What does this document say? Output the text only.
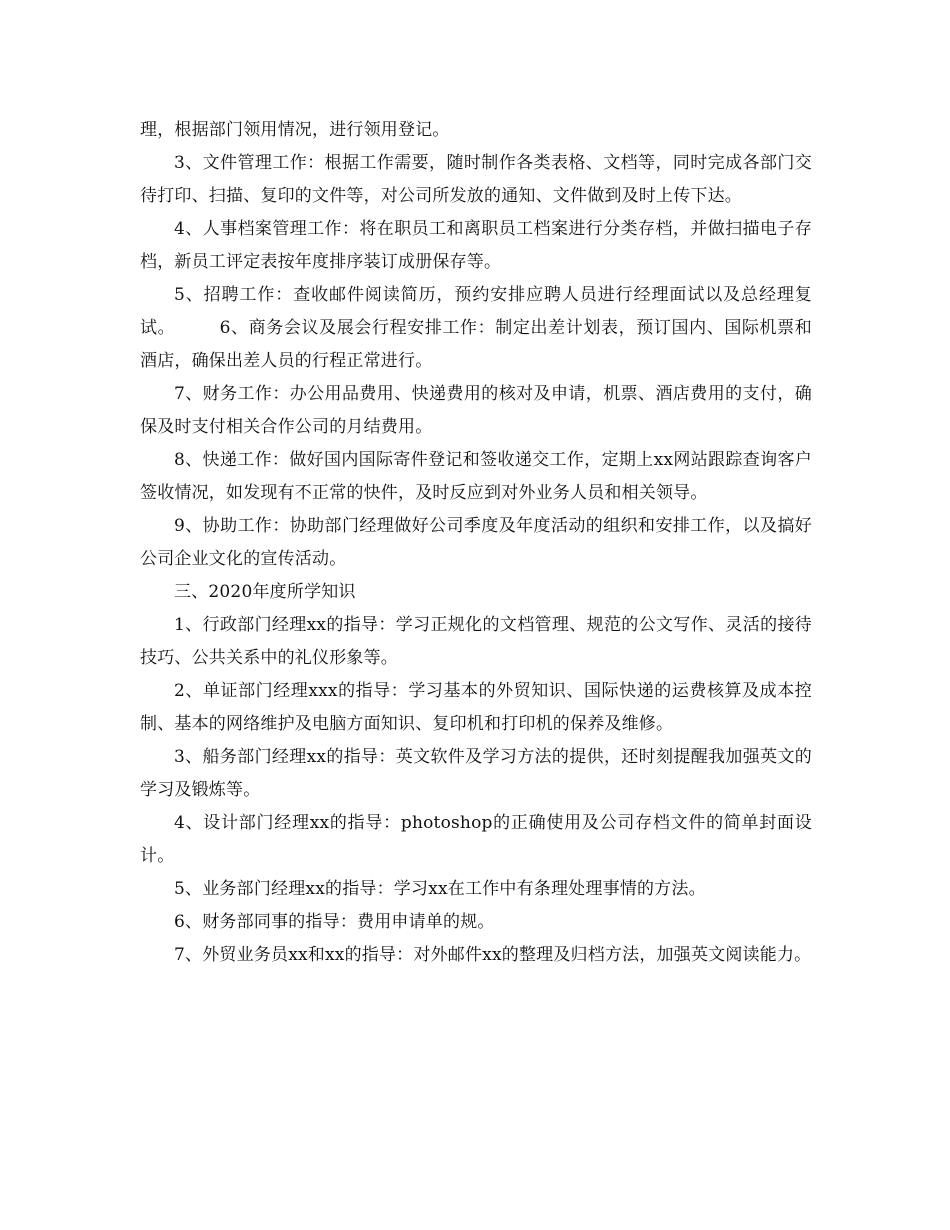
理，根据部门领用情况，进行领用登记。

3、文件管理工作：根据工作需要，随时制作各类表格、文档等，同时完成各部门交待打印、扫描、复印的文件等，对公司所发放的通知、文件做到及时上传下达。

4、人事档案管理工作：将在职员工和离职员工档案进行分类存档，并做扫描电子存档，新员工评定表按年度排序装订成册保存等。

5、招聘工作：查收邮件阅读简历，预约安排应聘人员进行经理面试以及总经理复试。　　　6、商务会议及展会行程安排工作：制定出差计划表，预订国内、国际机票和酒店，确保出差人员的行程正常进行。

7、财务工作：办公用品费用、快递费用的核对及申请，机票、酒店费用的支付，确保及时支付相关合作公司的月结费用。

8、快递工作：做好国内国际寄件登记和签收递交工作，定期上xx网站跟踪查询客户签收情况，如发现有不正常的快件，及时反应到对外业务人员和相关领导。

9、协助工作：协助部门经理做好公司季度及年度活动的组织和安排工作，以及搞好公司企业文化的宣传活动。

三、2020年度所学知识

1、行政部门经理xx的指导：学习正规化的文档管理、规范的公文写作、灵活的接待技巧、公共关系中的礼仪形象等。

2、单证部门经理xxx的指导：学习基本的外贸知识、国际快递的运费核算及成本控制、基本的网络维护及电脑方面知识、复印机和打印机的保养及维修。

3、船务部门经理xx的指导：英文软件及学习方法的提供，还时刻提醒我加强英文的学习及锻炼等。

4、设计部门经理xx的指导：photoshop的正确使用及公司存档文件的简单封面设计。

5、业务部门经理xx的指导：学习xx在工作中有条理处理事情的方法。

6、财务部同事的指导：费用申请单的规。

7、外贸业务员xx和xx的指导：对外邮件xx的整理及归档方法，加强英文阅读能力。
